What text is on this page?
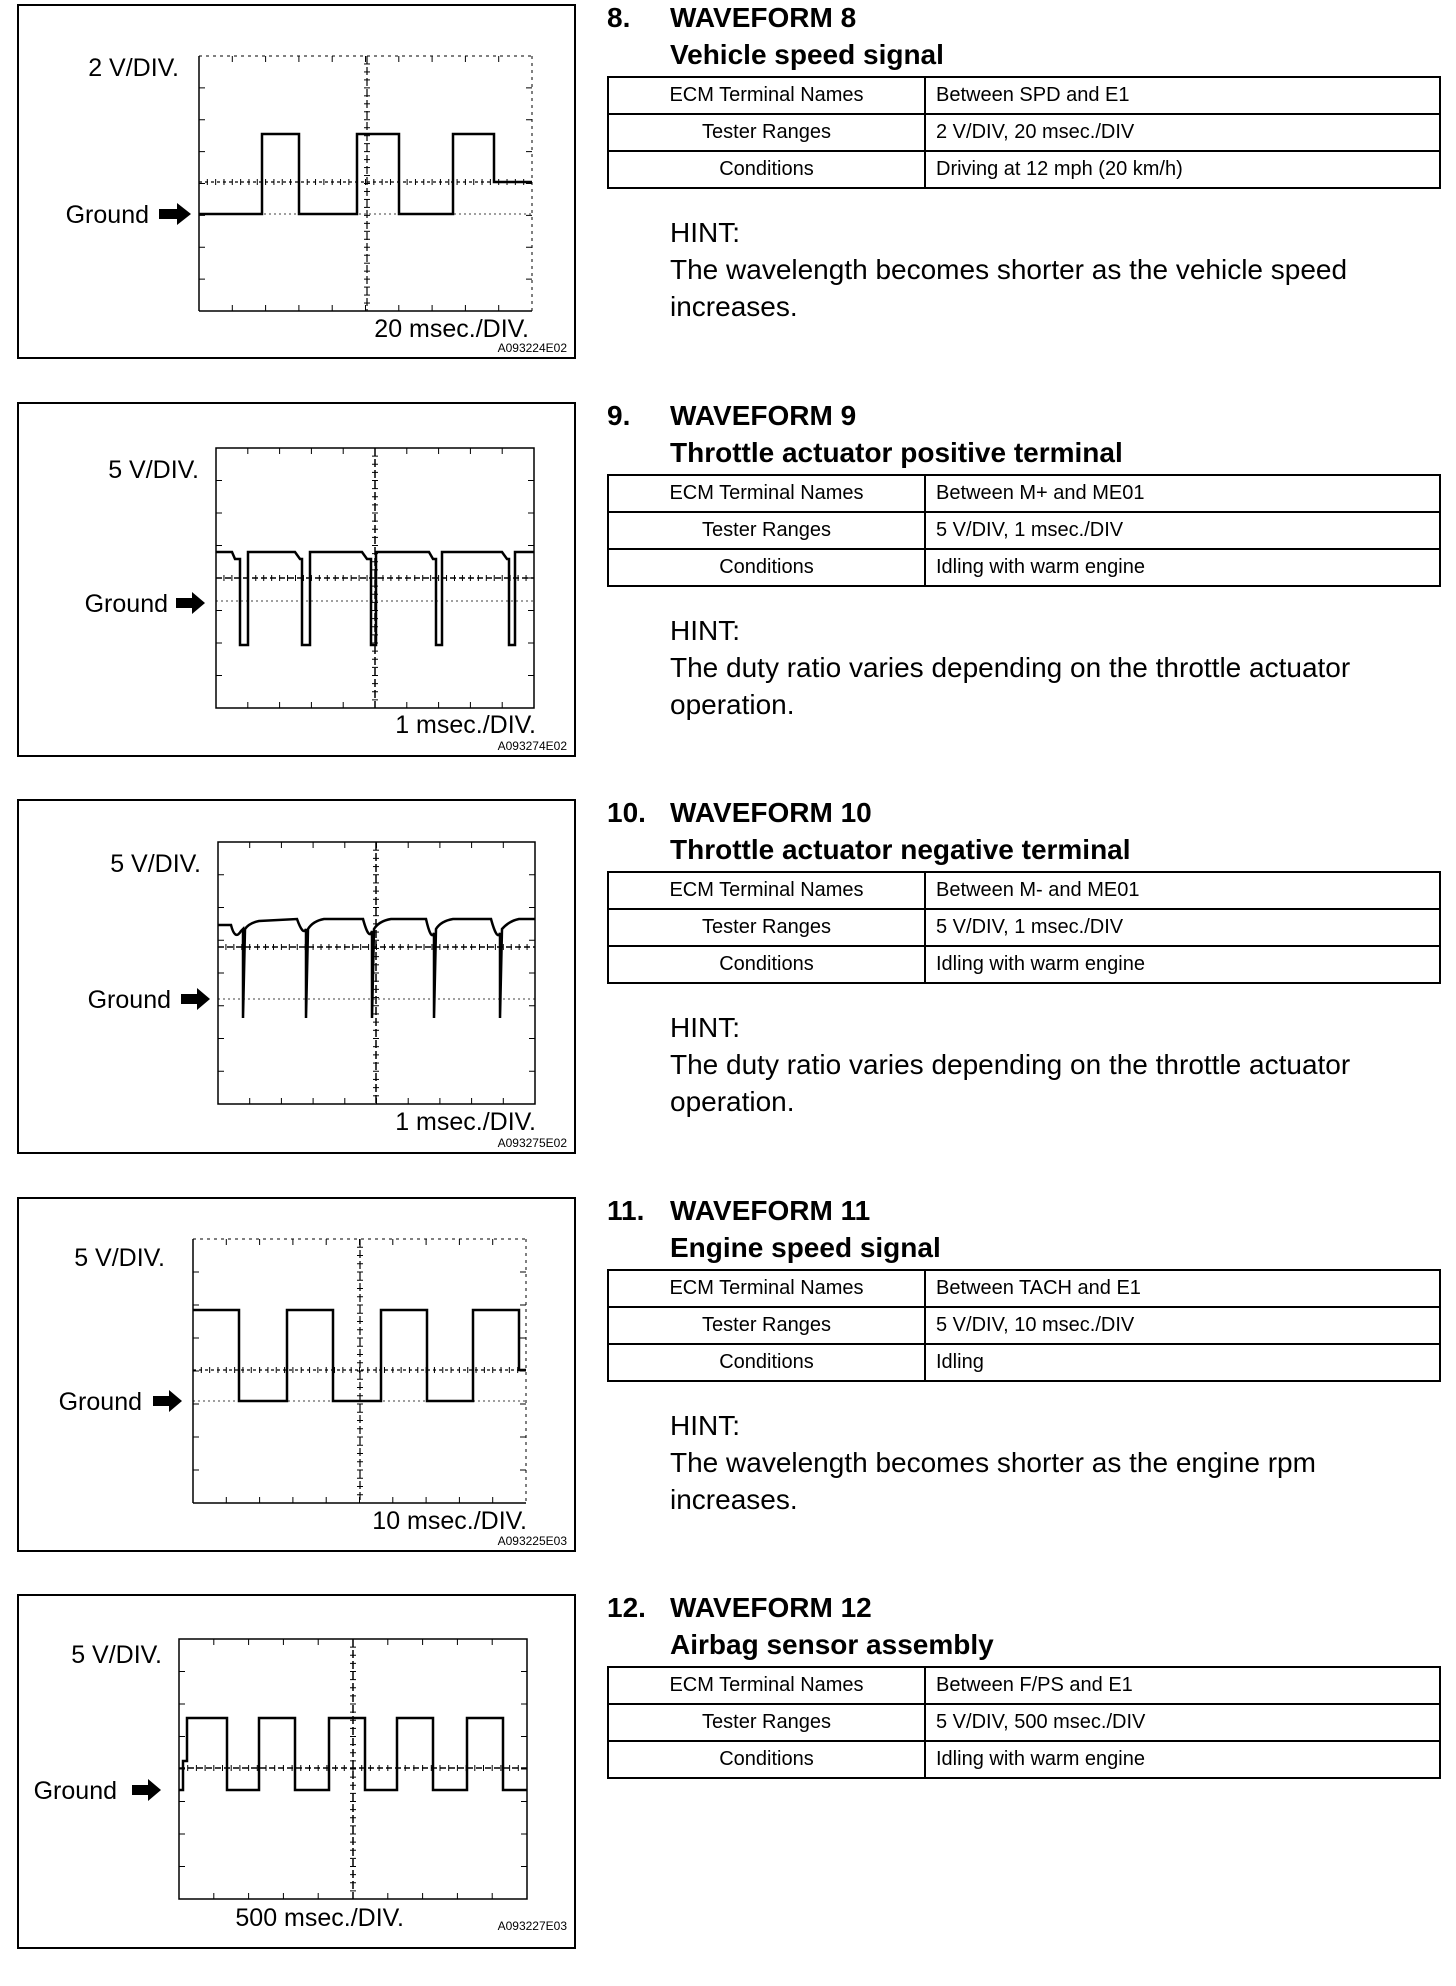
2 V/DIV.
Ground
20 msec./DIV.
A093224E02
8. WAVEFORM 8
Vehicle speed signal
ECM Terminal Names	Between SPD and E1
Tester Ranges	2 V/DIV, 20 msec./DIV
Conditions	Driving at 12 mph (20 km/h)
HINT:
The wavelength becomes shorter as the vehicle speed increases.
5 V/DIV.
Ground
1 msec./DIV.
A093274E02
9. WAVEFORM 9
Throttle actuator positive terminal
ECM Terminal Names	Between M+ and ME01
Tester Ranges	5 V/DIV, 1 msec./DIV
Conditions	Idling with warm engine
HINT:
The duty ratio varies depending on the throttle actuator operation.
5 V/DIV.
Ground
1 msec./DIV.
A093275E02
10. WAVEFORM 10
Throttle actuator negative terminal
ECM Terminal Names	Between M- and ME01
Tester Ranges	5 V/DIV, 1 msec./DIV
Conditions	Idling with warm engine
HINT:
The duty ratio varies depending on the throttle actuator operation.
5 V/DIV.
Ground
10 msec./DIV.
A093225E03
11. WAVEFORM 11
Engine speed signal
ECM Terminal Names	Between TACH and E1
Tester Ranges	5 V/DIV, 10 msec./DIV
Conditions	Idling
HINT:
The wavelength becomes shorter as the engine rpm increases.
5 V/DIV.
Ground
500 msec./DIV.	A093227E03
12. WAVEFORM 12
Airbag sensor assembly
ECM Terminal Names	Between F/PS and E1
Tester Ranges	5 V/DIV, 500 msec./DIV
Conditions	Idling with warm engine
